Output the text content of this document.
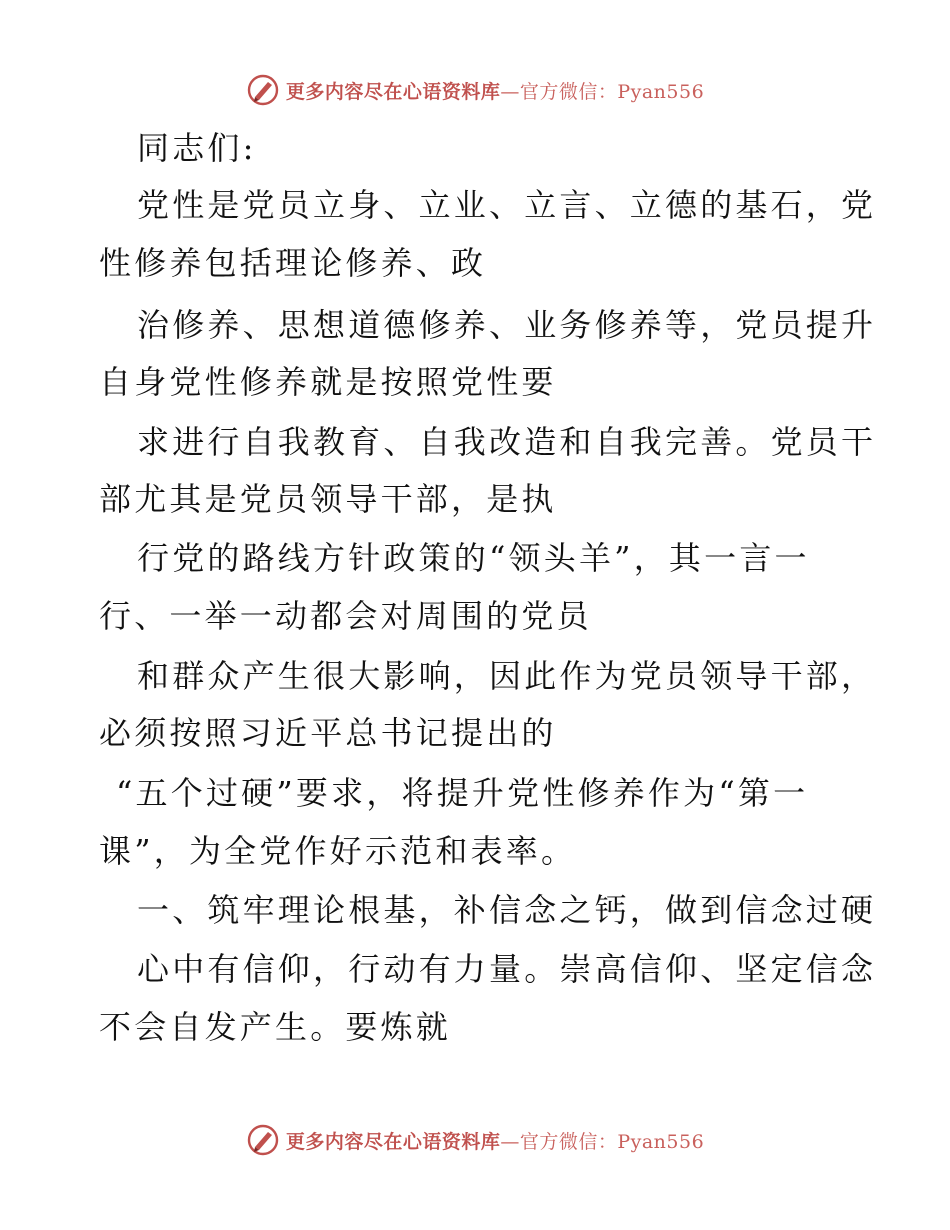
更多内容尽在心语资料库—官方微信：Pyan556
同志们:
党性是党员立身、立业、立言、立德的基石，党
性修养包括理论修养、政
治修养、思想道德修养、业务修养等，党员提升
自身党性修养就是按照党性要
求进行自我教育、自我改造和自我完善。党员干
部尤其是党员领导干部，是执
行党的路线方针政策的“领头羊”，其一言一
行、一举一动都会对周围的党员
和群众产生很大影响，因此作为党员领导干部，
必须按照习近平总书记提出的
“五个过硬”要求，将提升党性修养作为“第一
课”，为全党作好示范和表率。
一、筑牢理论根基，补信念之钙，做到信念过硬
心中有信仰，行动有力量。崇高信仰、坚定信念
不会自发产生。要炼就
更多内容尽在心语资料库—官方微信：Pyan556
